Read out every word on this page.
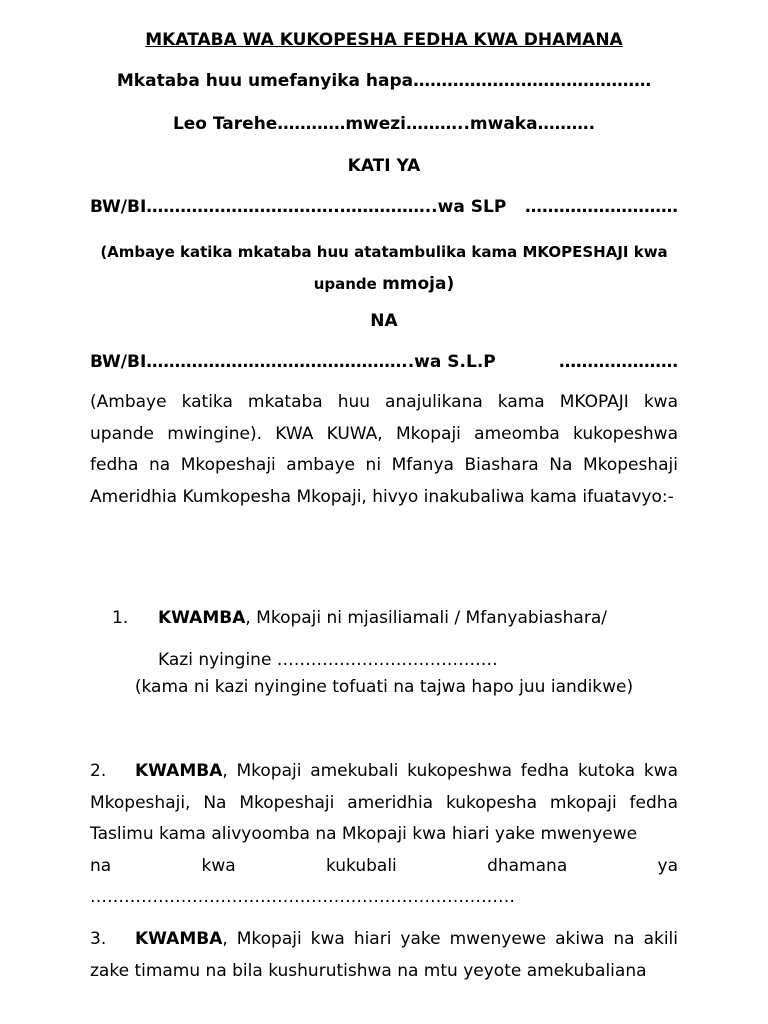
MKATABA WA KUKOPESHA FEDHA KWA DHAMANA
Mkataba huu umefanyika hapa……………………………………
Leo Tarehe…………mwezi………..mwaka……….
KATI YA
BW/BI…………………………….……………..wa SLP ………………………
(Ambaye katika mkataba huu atatambulika kama MKOPESHAJI kwa upande mmoja)
NA
BW/BI………………………………………..wa S.L.P	…………………
(Ambaye katika mkataba huu anajulikana kama MKOPAJI kwa upande mwingine). KWA KUWA, Mkopaji ameomba kukopeshwa fedha na Mkopeshaji ambaye ni Mfanya Biashara Na Mkopeshaji Ameridhia Kumkopesha Mkopaji, hivyo inakubaliwa kama ifuatavyo:-
1. KWAMBA, Mkopaji ni mjasiliamali / Mfanyabiashara/
Kazi nyingine …………………………………
(kama ni kazi nyingine tofuati na tajwa hapo juu iandikwe)
2. KWAMBA, Mkopaji amekubali kukopeshwa fedha kutoka kwa Mkopeshaji, Na Mkopeshaji ameridhia kukopesha mkopaji fedha Taslimu kama alivyoomba na Mkopaji kwa hiari yake mwenyewe
na	kwa	kukubali	dhamana	ya
…………………………………………………………………
3. KWAMBA, Mkopaji kwa hiari yake mwenyewe akiwa na akili zake timamu na bila kushurutishwa na mtu yeyote amekubaliana
